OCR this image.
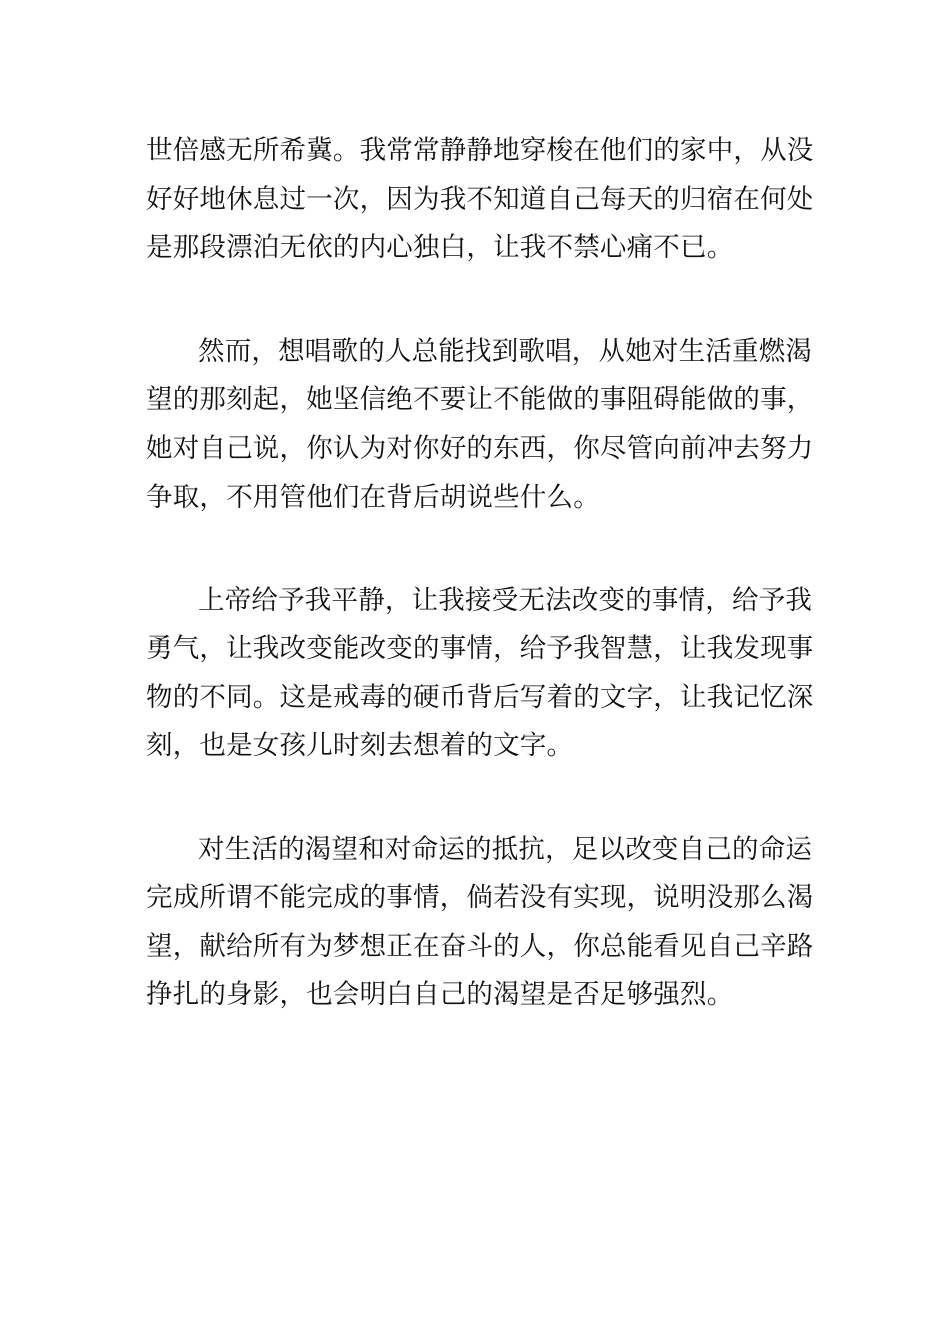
世倍感无所希冀。我常常静静地穿梭在他们的家中，从没
好好地休息过一次，因为我不知道自己每天的归宿在何处
是那段漂泊无依的内心独白，让我不禁心痛不已。
然而，想唱歌的人总能找到歌唱，从她对生活重燃渴
望的那刻起，她坚信绝不要让不能做的事阻碍能做的事，
她对自己说，你认为对你好的东西，你尽管向前冲去努力
争取，不用管他们在背后胡说些什么。
上帝给予我平静，让我接受无法改变的事情，给予我
勇气，让我改变能改变的事情，给予我智慧，让我发现事
物的不同。这是戒毒的硬币背后写着的文字，让我记忆深
刻，也是女孩儿时刻去想着的文字。
对生活的渴望和对命运的抵抗，足以改变自己的命运
完成所谓不能完成的事情，倘若没有实现，说明没那么渴
望，献给所有为梦想正在奋斗的人，你总能看见自己辛路
挣扎的身影，也会明白自己的渴望是否足够强烈。
